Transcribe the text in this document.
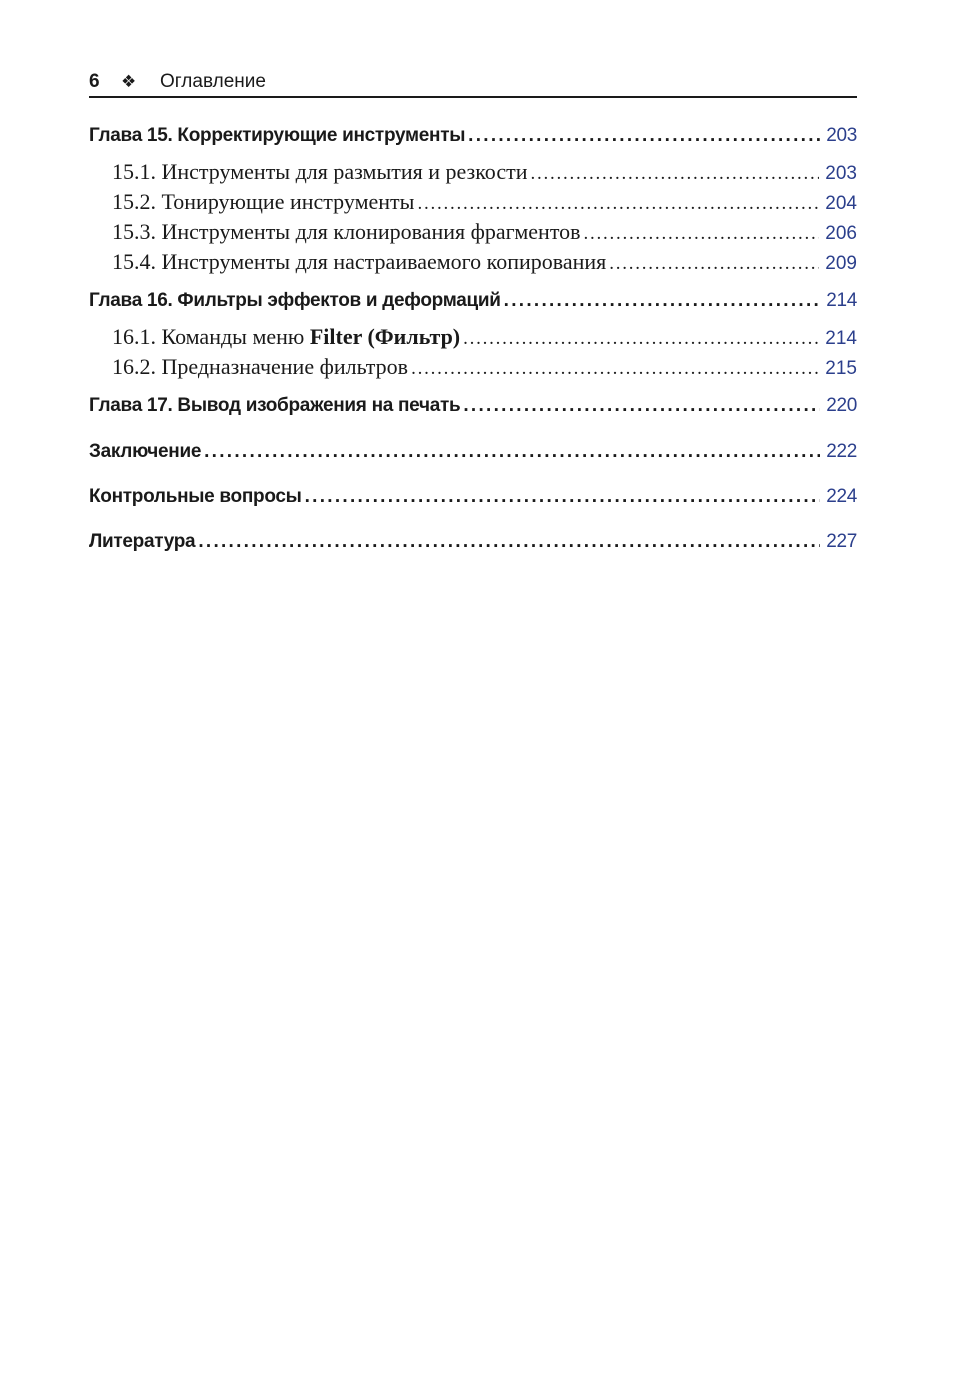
6 ❖ Оглавление
Глава 15. Корректирующие инструменты . . .	203
15.1. Инструменты для размытия и резкости . . .	203
15.2. Тонирующие инструменты . . .	204
15.3. Инструменты для клонирования фрагментов . . .	206
15.4. Инструменты для настраиваемого копирования . . .	209
Глава 16. Фильтры эффектов и деформаций . . .	214
16.1. Команды меню Filter (Фильтр) . . .	214
16.2. Предназначение фильтров . . .	215
Глава 17. Вывод изображения на печать . . .	220
Заключение . . .	222
Контрольные вопросы . . .	224
Литература . . .	227
